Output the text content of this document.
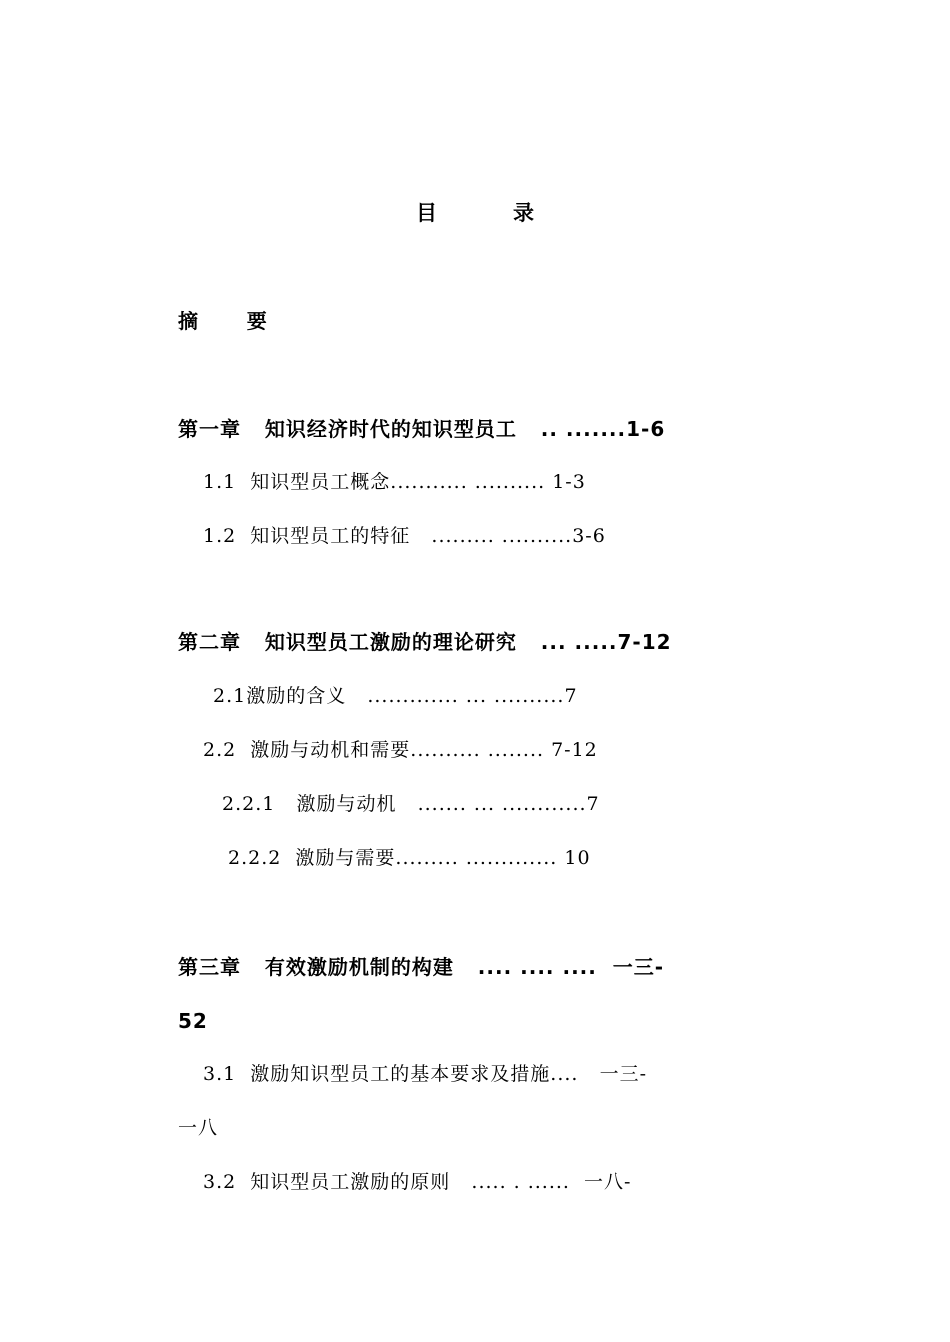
目	录
摘      要
第一章   知识经济时代的知识型员工   .. .......1-6
1.1  知识型员工概念........... .......... 1-3
1.2  知识型员工的特征   ......... ..........3-6
第二章   知识型员工激励的理论研究   ... .....7-12
2.1激励的含义   ............. ... ..........7
2.2  激励与动机和需要.......... ........ 7-12
2.2.1   激励与动机   ....... ... ............7
2.2.2  激励与需要......... ............. 10
第三章   有效激励机制的构建   .... .... ....  一三-
52
3.1  激励知识型员工的基本要求及措施....   一三-
一八
3.2  知识型员工激励的原则   ..... . ......  一八-
